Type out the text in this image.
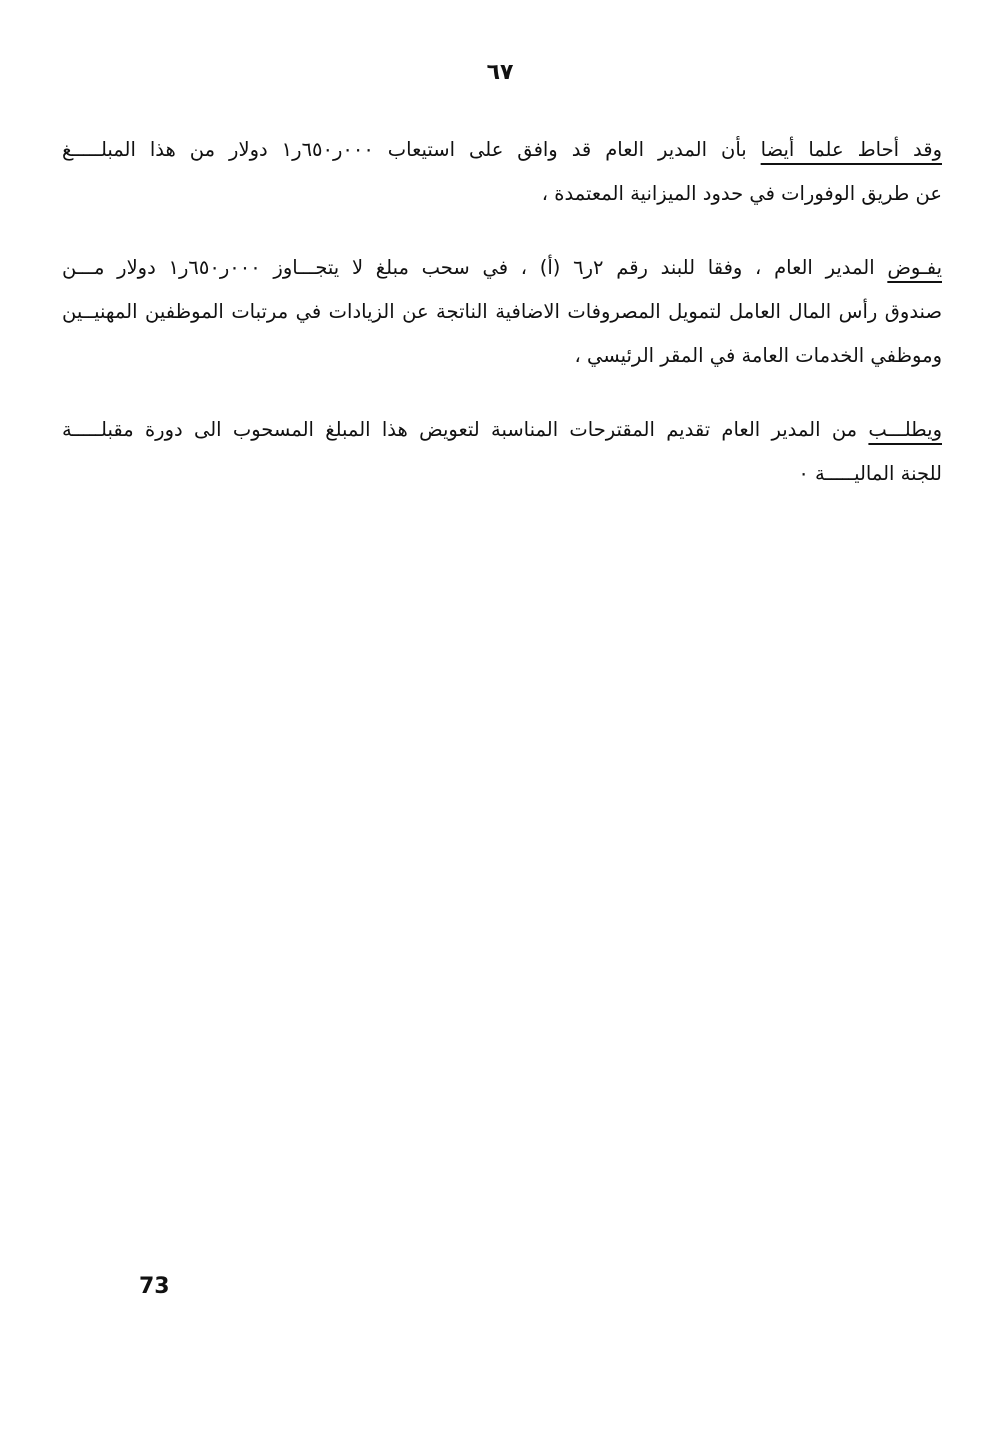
٦٧
وقد أحاط علما أيضا بأن المدير العام قد وافق على استيعاب ٠٠٠ر٦٥٠ر١ دولار من هذا المبلـــــغ
عن طريق الوفورات في حدود الميزانية المعتمدة ،
يفـوض المدير العام ، وفقا للبند رقم ٢ر٦ (أ) ، في سحب مبلغ لا يتجـــاوز ٠٠٠ر٦٥٠ر١ دولار مـــن
صندوق رأس المال العامل لتمويل المصروفات الاضافية الناتجة عن الزيادات في مرتبات الموظفين المهنيــين
وموظفي الخدمات العامة في المقر الرئيسي ،
ويطلـــب من المدير العام تقديم المقترحات المناسبة لتعويض هذا المبلغ المسحوب الى دورة مقبلـــــة
للجنة الماليـــــة ٠
73
